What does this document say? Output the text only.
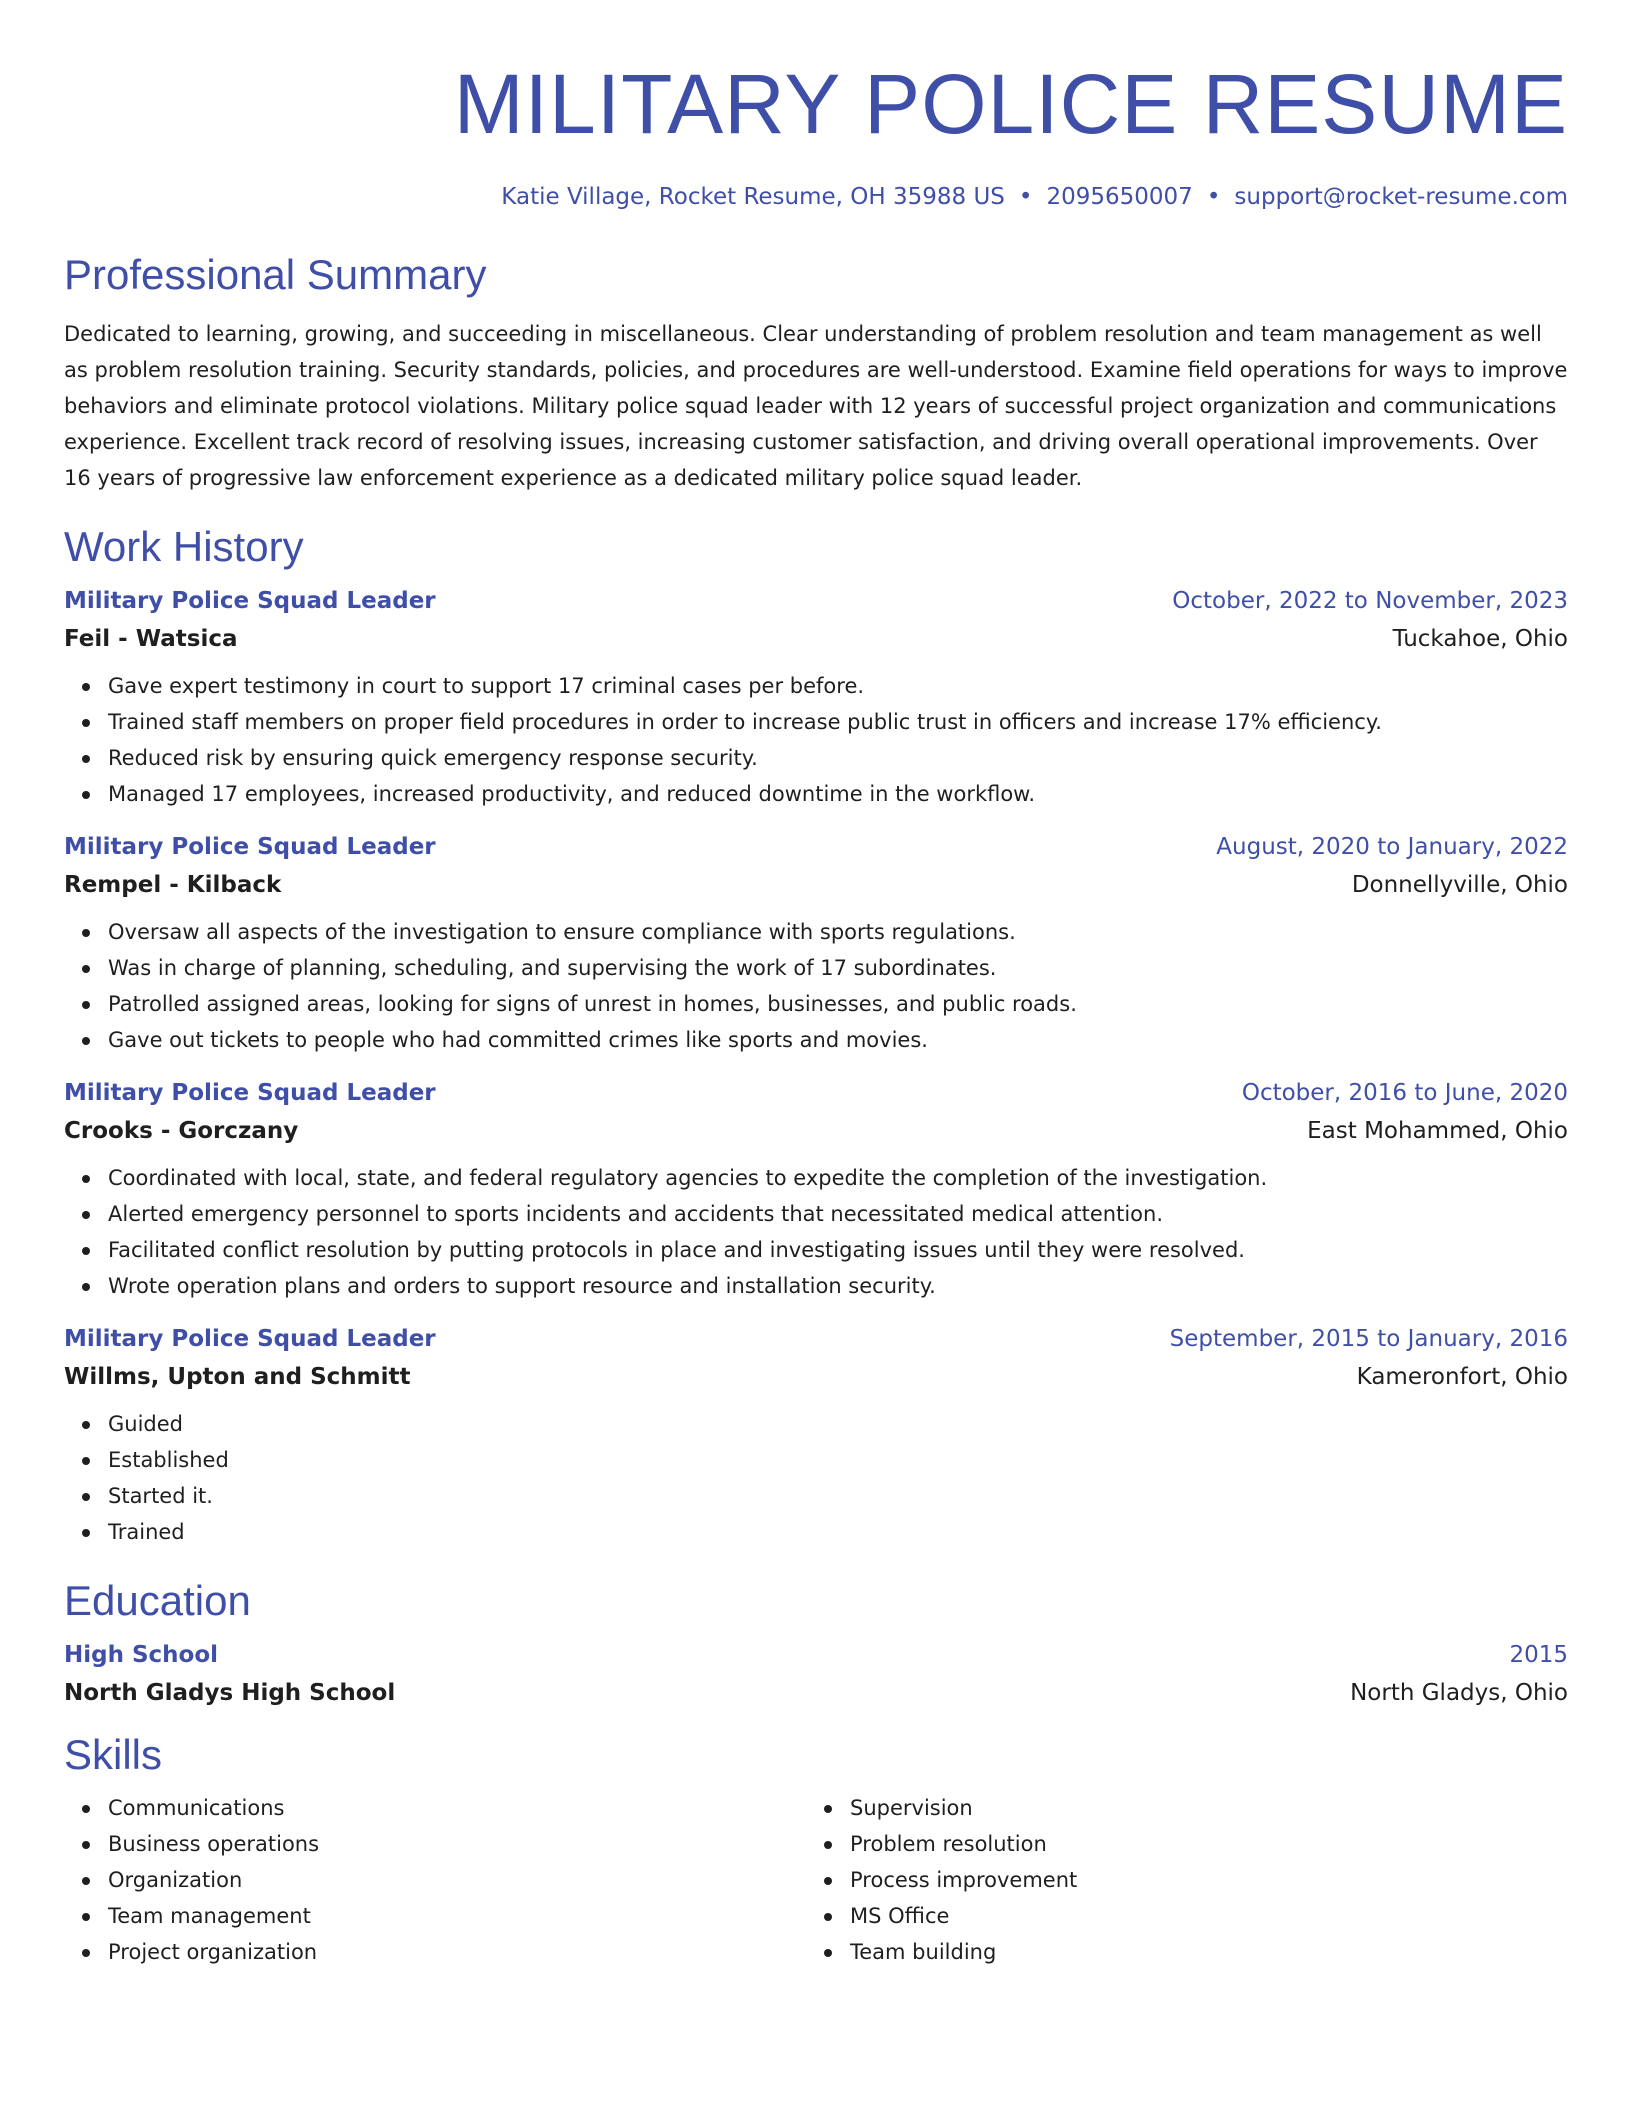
MILITARY POLICE RESUME
Katie Village, Rocket Resume, OH 35988 US • 2095650007 • support@rocket-resume.com
Professional Summary
Dedicated to learning, growing, and succeeding in miscellaneous. Clear understanding of problem resolution and team management as well as problem resolution training. Security standards, policies, and procedures are well-understood. Examine field operations for ways to improve behaviors and eliminate protocol violations. Military police squad leader with 12 years of successful project organization and communications experience. Excellent track record of resolving issues, increasing customer satisfaction, and driving overall operational improvements. Over 16 years of progressive law enforcement experience as a dedicated military police squad leader.
Work History
Military Police Squad Leader	October, 2022 to November, 2023
Feil - Watsica	Tuckahoe, Ohio
Gave expert testimony in court to support 17 criminal cases per before.
Trained staff members on proper field procedures in order to increase public trust in officers and increase 17% efficiency.
Reduced risk by ensuring quick emergency response security.
Managed 17 employees, increased productivity, and reduced downtime in the workflow.
Military Police Squad Leader	August, 2020 to January, 2022
Rempel - Kilback	Donnellyville, Ohio
Oversaw all aspects of the investigation to ensure compliance with sports regulations.
Was in charge of planning, scheduling, and supervising the work of 17 subordinates.
Patrolled assigned areas, looking for signs of unrest in homes, businesses, and public roads.
Gave out tickets to people who had committed crimes like sports and movies.
Military Police Squad Leader	October, 2016 to June, 2020
Crooks - Gorczany	East Mohammed, Ohio
Coordinated with local, state, and federal regulatory agencies to expedite the completion of the investigation.
Alerted emergency personnel to sports incidents and accidents that necessitated medical attention.
Facilitated conflict resolution by putting protocols in place and investigating issues until they were resolved.
Wrote operation plans and orders to support resource and installation security.
Military Police Squad Leader	September, 2015 to January, 2016
Willms, Upton and Schmitt	Kameronfort, Ohio
Guided
Established
Started it.
Trained
Education
High School	2015
North Gladys High School	North Gladys, Ohio
Skills
Communications
Business operations
Organization
Team management
Project organization
Supervision
Problem resolution
Process improvement
MS Office
Team building
